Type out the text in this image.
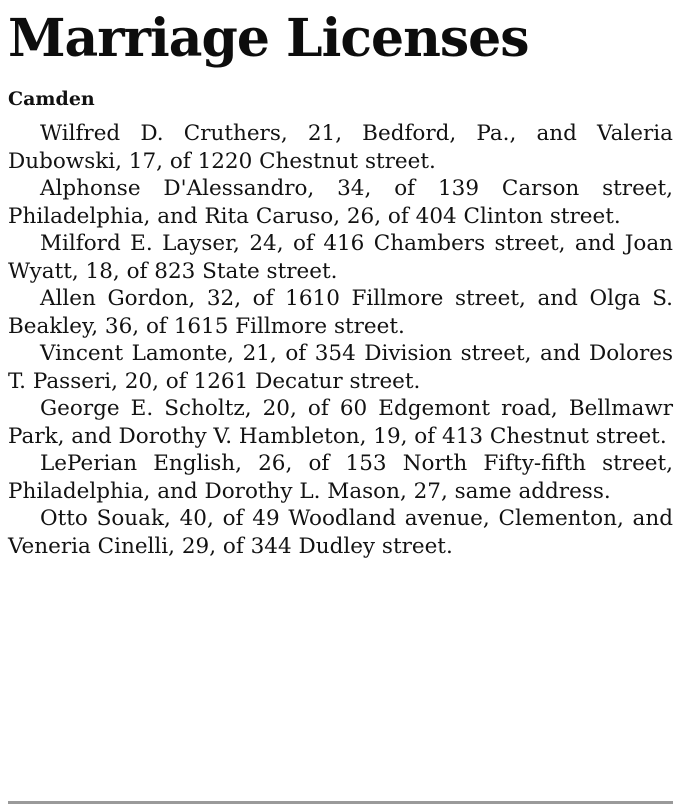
Marriage Licenses
Camden
Wilfred D. Cruthers, 21, Bedford, Pa., and Valeria Dubowski, 17, of 1220 Chestnut street.
Alphonse D'Alessandro, 34, of 139 Carson street, Philadelphia, and Rita Caruso, 26, of 404 Clinton street.
Milford E. Layser, 24, of 416 Chambers street, and Joan Wyatt, 18, of 823 State street.
Allen Gordon, 32, of 1610 Fillmore street, and Olga S. Beakley, 36, of 1615 Fillmore street.
Vincent Lamonte, 21, of 354 Division street, and Dolores T. Passeri, 20, of 1261 Decatur street.
George E. Scholtz, 20, of 60 Edgemont road, Bellmawr Park, and Dorothy V. Hambleton, 19, of 413 Chestnut street.
LePerian English, 26, of 153 North Fifty-fifth street, Philadelphia, and Dorothy L. Mason, 27, same address.
Otto Souak, 40, of 49 Woodland avenue, Clementon, and Veneria Cinelli, 29, of 344 Dudley street.
